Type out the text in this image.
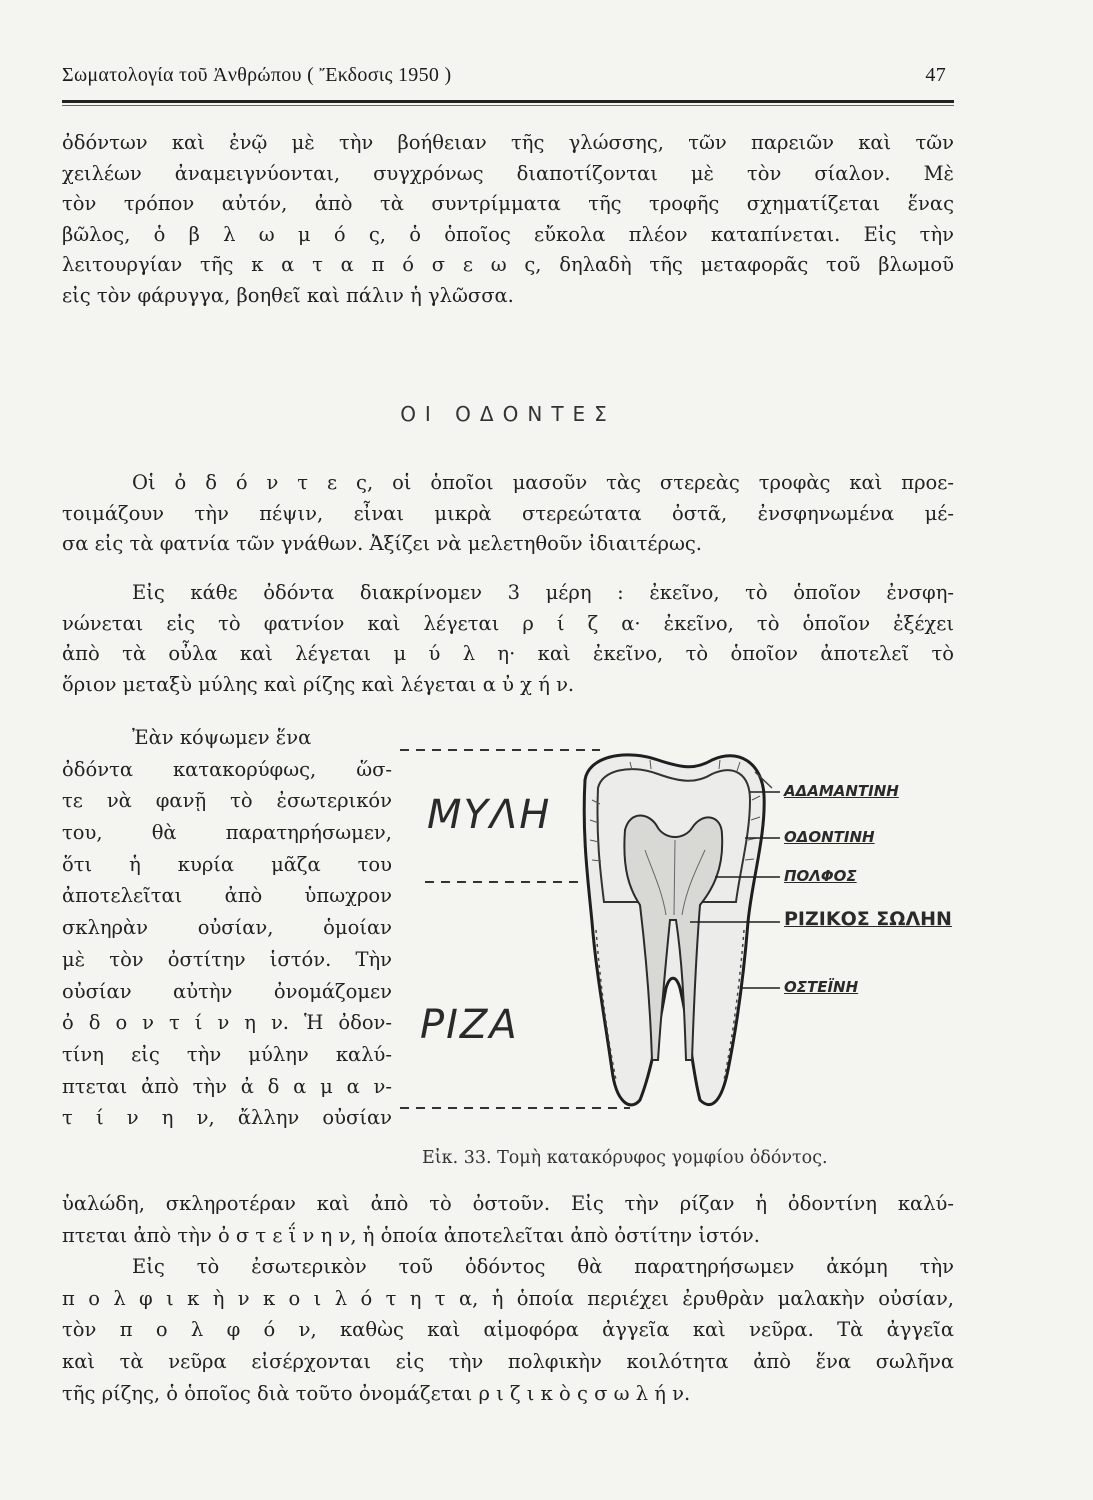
Σωματολογία τοῦ Ἀνθρώπου ( Ἔκδοσις 1950 )	47
ὀδόντων καὶ ἐνῷ μὲ τὴν βοήθειαν τῆς γλώσσης, τῶν παρειῶν καὶ τῶν
χειλέων ἀναμειγνύονται, συγχρόνως διαποτίζονται μὲ τὸν σίαλον. Μὲ
τὸν τρόπον αὐτόν, ἀπὸ τὰ συντρίμματα τῆς τροφῆς σχηματίζεται ἕνας
βῶλος, ὁ β λ ω μ ό ς, ὁ ὁποῖος εὔκολα πλέον καταπίνεται. Εἰς τὴν
λειτουργίαν τῆς κ α τ α π ό σ ε ω ς, δηλαδὴ τῆς μεταφορᾶς τοῦ βλωμοῦ
εἰς τὸν φάρυγγα, βοηθεῖ καὶ πάλιν ἡ γλῶσσα.
ΟΙ ΟΔΟΝΤΕΣ
Οἱ ὀ δ ό ν τ ε ς, οἱ ὁποῖοι μασοῦν τὰς στερεὰς τροφὰς καὶ προε-
τοιμάζουν τὴν πέψιν, εἶναι μικρὰ στερεώτατα ὀστᾶ, ἐνσφηνωμένα μέ-
σα εἰς τὰ φατνία τῶν γνάθων. Ἀξίζει νὰ μελετηθοῦν ἰδιαιτέρως.
Εἰς κάθε ὀδόντα διακρίνομεν 3 μέρη : ἐκεῖνο, τὸ ὁποῖον ἐνσφη-
νώνεται εἰς τὸ φατνίον καὶ λέγεται ρ ί ζ α· ἐκεῖνο, τὸ ὁποῖον ἐξέχει
ἀπὸ τὰ οὖλα καὶ λέγεται μ ύ λ η· καὶ ἐκεῖνο, τὸ ὁποῖον ἀποτελεῖ τὸ
ὅριον μεταξὺ μύλης καὶ ρίζης καὶ λέγεται α ὐ χ ή ν.
Ἐὰν κόψωμεν ἕνα
ὀδόντα κατακορύφως, ὥσ-
τε νὰ φανῇ τὸ ἐσωτερικόν
του, θὰ παρατηρήσωμεν,
ὅτι ἡ κυρία μᾶζα του
ἀποτελεῖται ἀπὸ ὑπωχρον
σκληρὰν οὐσίαν, ὁμοίαν
μὲ τὸν ὀστίτην ἱστόν. Τὴν
οὐσίαν αὐτὴν ὀνομάζομεν
ὀ δ ο ν τ ί ν η ν. Ἡ ὀδον-
τίνη εἰς τὴν μύλην καλύ-
πτεται ἀπὸ τὴν ἀ δ α μ α ν-
τ ί ν η ν, ἄλλην οὐσίαν
ΜΥΛΗ
ΡΙΖΑ
ΑΔΑΜΑΝΤΙΝΗ
ΟΔΟΝΤΙΝΗ
ΠΟΛΦΟΣ
ΡΙΖΙΚΟΣ ΣΩΛΗΝ
ΟΣΤΕΪΝΗ
Εἰκ. 33. Τομὴ κατακόρυφος γομφίου ὀδόντος.
ὑαλώδη, σκληροτέραν καὶ ἀπὸ τὸ ὀστοῦν. Εἰς τὴν ρίζαν ἡ ὀδοντίνη καλύ-
πτεται ἀπὸ τὴν ὀ σ τ ε ΐ ν η ν, ἡ ὁποία ἀποτελεῖται ἀπὸ ὀστίτην ἱστόν.
Εἰς τὸ ἐσωτερικὸν τοῦ ὀδόντος θὰ παρατηρήσωμεν ἀκόμη τὴν
π ο λ φ ι κ ὴ ν κ ο ι λ ό τ η τ α, ἡ ὁποία περιέχει ἐρυθρὰν μαλακὴν οὐσίαν,
τὸν π ο λ φ ό ν, καθὼς καὶ αἱμοφόρα ἀγγεῖα καὶ νεῦρα. Τὰ ἀγγεῖα
καὶ τὰ νεῦρα εἰσέρχονται εἰς τὴν πολφικὴν κοιλότητα ἀπὸ ἕνα σωλῆνα
τῆς ρίζης, ὁ ὁποῖος διὰ τοῦτο ὀνομάζεται ρ ι ζ ι κ ὸ ς σ ω λ ή ν.
